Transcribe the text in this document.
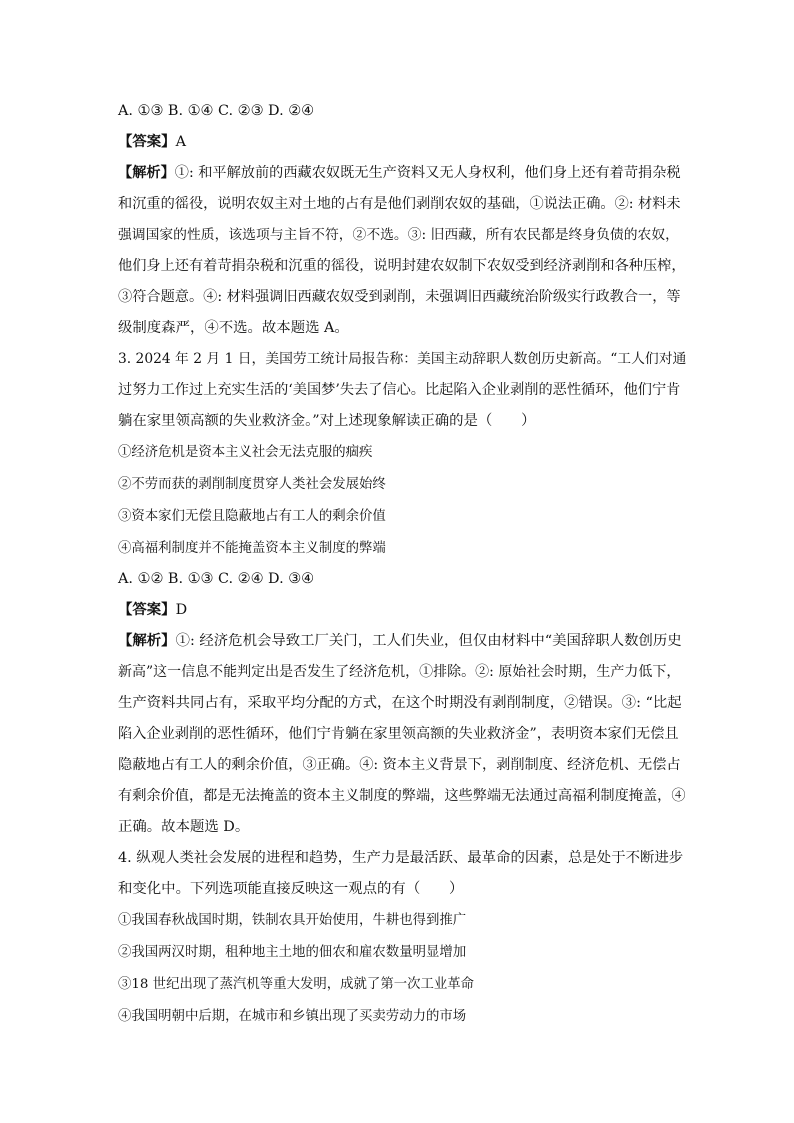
A. ①③ B. ①④ C. ②③ D. ②④
【答案】A
【解析】①: 和平解放前的西藏农奴既无生产资料又无人身权利，他们身上还有着苛捐杂税
和沉重的徭役，说明农奴主对土地的占有是他们剥削农奴的基础，①说法正确。②: 材料未
强调国家的性质，该选项与主旨不符，②不选。③: 旧西藏，所有农民都是终身负债的农奴，
他们身上还有着苛捐杂税和沉重的徭役，说明封建农奴制下农奴受到经济剥削和各种压榨，
③符合题意。④: 材料强调旧西藏农奴受到剥削，未强调旧西藏统治阶级实行政教合一，等
级制度森严，④不选。故本题选 A。
3. 2024 年 2 月 1 日，美国劳工统计局报告称：美国主动辞职人数创历史新高。“工人们对通
过努力工作过上充实生活的‘美国梦’失去了信心。比起陷入企业剥削的恶性循环，他们宁肯
躺在家里领高额的失业救济金。”对上述现象解读正确的是（　　）
①经济危机是资本主义社会无法克服的痼疾
②不劳而获的剥削制度贯穿人类社会发展始终
③资本家们无偿且隐蔽地占有工人的剩余价值
④高福利制度并不能掩盖资本主义制度的弊端
A. ①② B. ①③ C. ②④ D. ③④
【答案】D
【解析】①: 经济危机会导致工厂关门，工人们失业，但仅由材料中“美国辞职人数创历史
新高”这一信息不能判定出是否发生了经济危机，①排除。②: 原始社会时期，生产力低下，
生产资料共同占有，采取平均分配的方式，在这个时期没有剥削制度，②错误。③: “比起
陷入企业剥削的恶性循环，他们宁肯躺在家里领高额的失业救济金”，表明资本家们无偿且
隐蔽地占有工人的剩余价值，③正确。④: 资本主义背景下，剥削制度、经济危机、无偿占
有剩余价值，都是无法掩盖的资本主义制度的弊端，这些弊端无法通过高福利制度掩盖，④
正确。故本题选 D。
4. 纵观人类社会发展的进程和趋势，生产力是最活跃、最革命的因素，总是处于不断进步
和变化中。下列选项能直接反映这一观点的有（　　）
①我国春秋战国时期，铁制农具开始使用，牛耕也得到推广
②我国两汉时期，租种地主土地的佃农和雇农数量明显增加
③18 世纪出现了蒸汽机等重大发明，成就了第一次工业革命
④我国明朝中后期，在城市和乡镇出现了买卖劳动力的市场
